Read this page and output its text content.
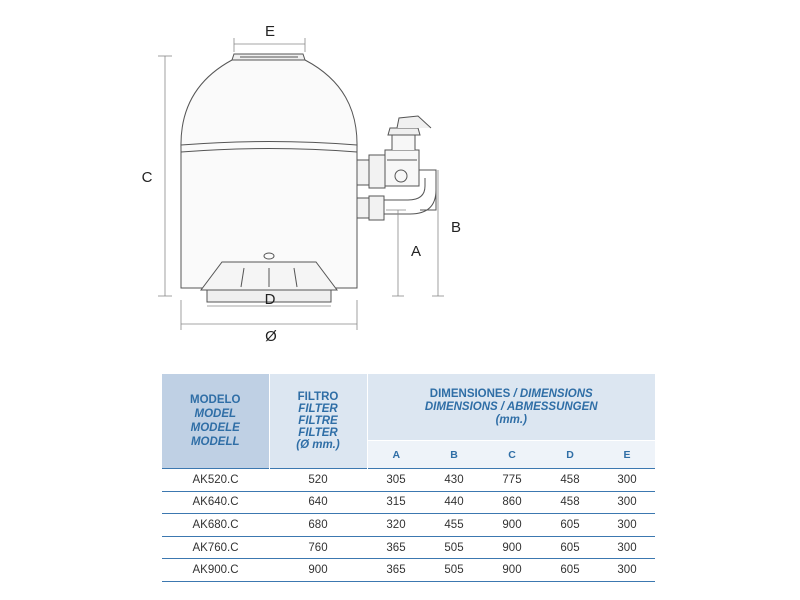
E
C
B
A
D
Ø
MODELO
MODEL
MODELE
MODELL	FILTRO
FILTER
FILTRE
FILTER
(Ø mm.)	DIMENSIONES / DIMENSIONS
DIMENSIONS / ABMESSUNGEN
(mm.)				

		A	B	C	D	E
AK520.C	520	305	430	775	458	300
AK640.C	640	315	440	860	458	300
AK680.C	680	320	455	900	605	300
AK760.C	760	365	505	900	605	300
AK900.C	900	365	505	900	605	300
